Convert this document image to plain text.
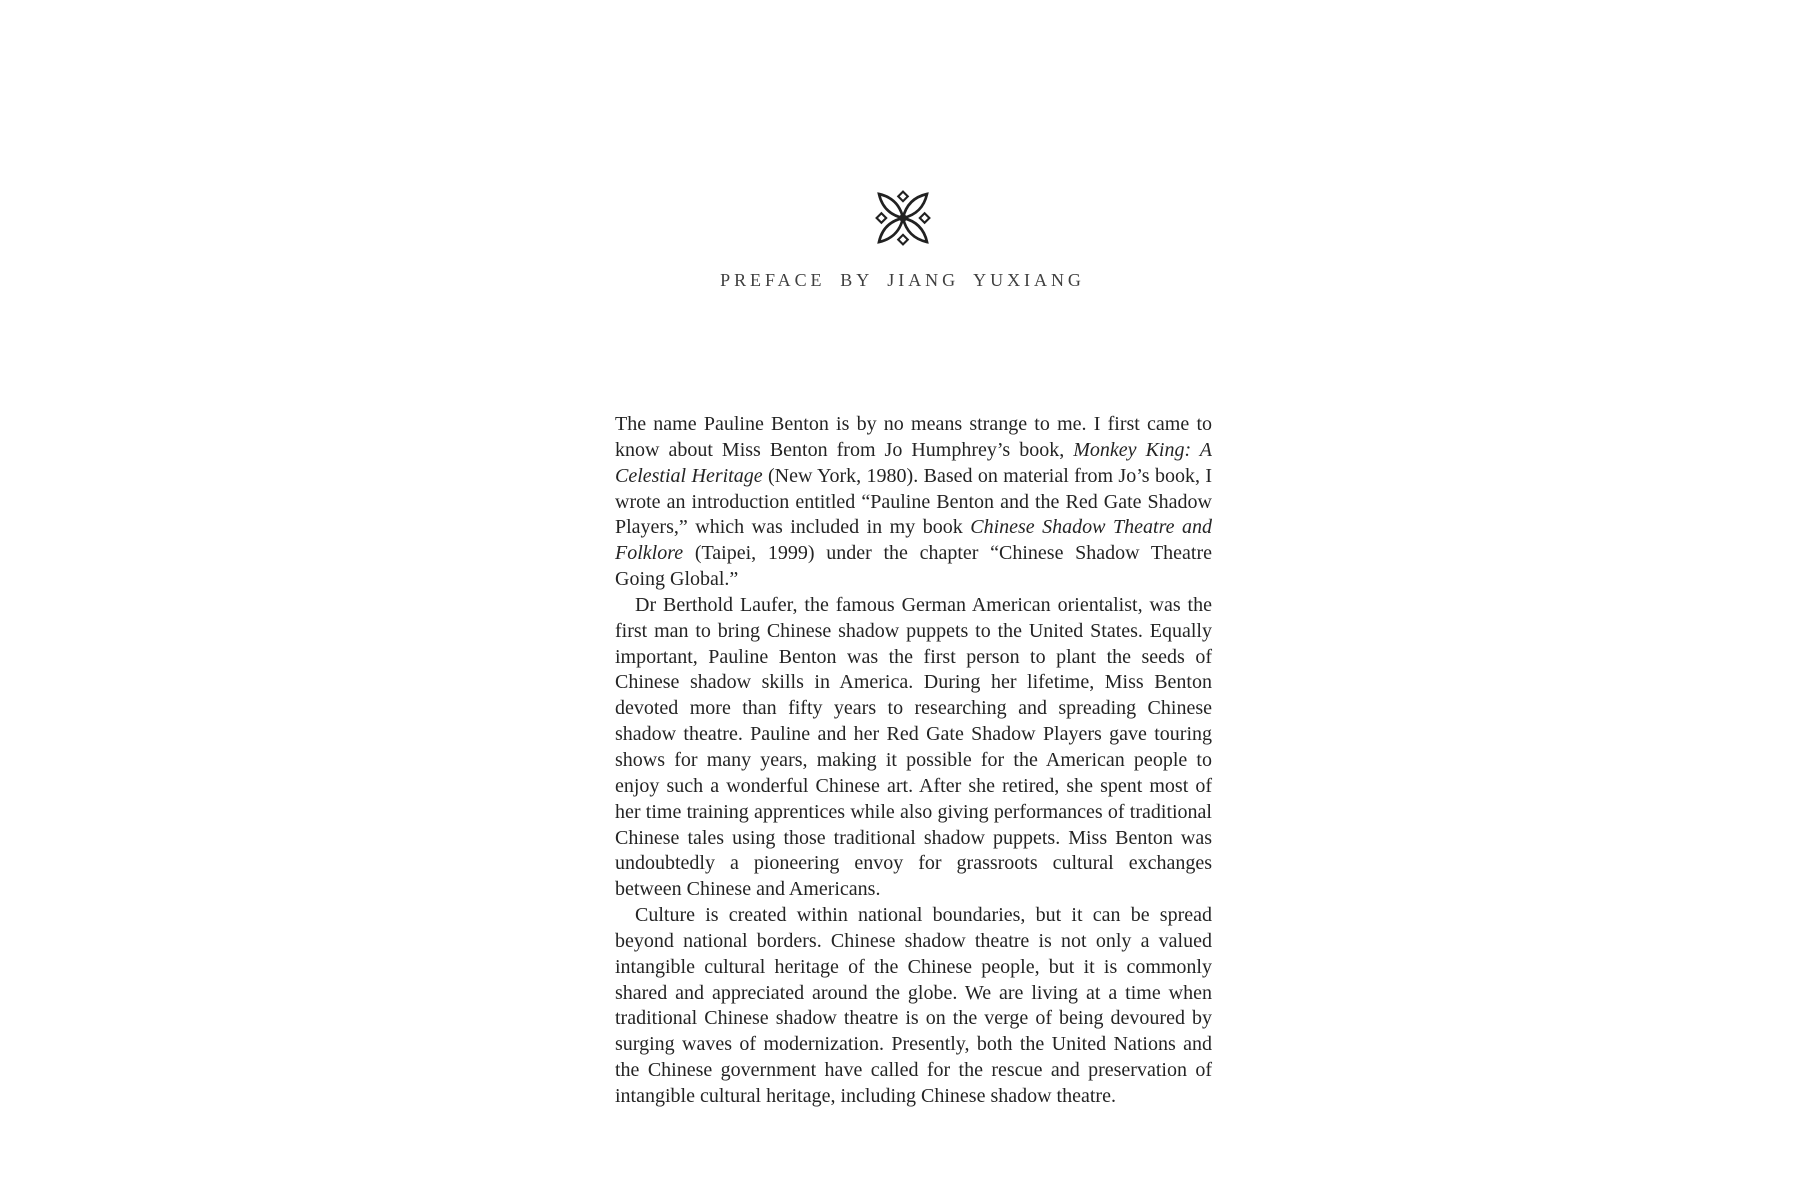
PREFACE BY JIANG YUXIANG

The name Pauline Benton is by no means strange to me. I first came to know about Miss Benton from Jo Humphrey’s book, Monkey King: A Celestial Heritage (New York, 1980). Based on material from Jo’s book, I wrote an introduction entitled “Pauline Benton and the Red Gate Shadow Players,” which was included in my book Chinese Shadow Theatre and Folklore (Taipei, 1999) under the chapter “Chinese Shadow Theatre Going Global.”

Dr Berthold Laufer, the famous German American orientalist, was the first man to bring Chinese shadow puppets to the United States. Equally important, Pauline Benton was the first person to plant the seeds of Chinese shadow skills in America. During her lifetime, Miss Benton devoted more than fifty years to researching and spreading Chinese shadow theatre. Pauline and her Red Gate Shadow Players gave touring shows for many years, making it possible for the American people to enjoy such a wonderful Chinese art. After she retired, she spent most of her time training apprentices while also giving performances of traditional Chinese tales using those traditional shadow puppets. Miss Benton was undoubtedly a pioneering envoy for grassroots cultural exchanges between Chinese and Americans.

Culture is created within national boundaries, but it can be spread beyond national borders. Chinese shadow theatre is not only a valued intangible cultural heritage of the Chinese people, but it is commonly shared and appreciated around the globe. We are living at a time when traditional Chinese shadow theatre is on the verge of being devoured by surging waves of modernization. Presently, both the United Nations and the Chinese government have called for the rescue and preservation of intangible cultural heritage, including Chinese shadow theatre.
